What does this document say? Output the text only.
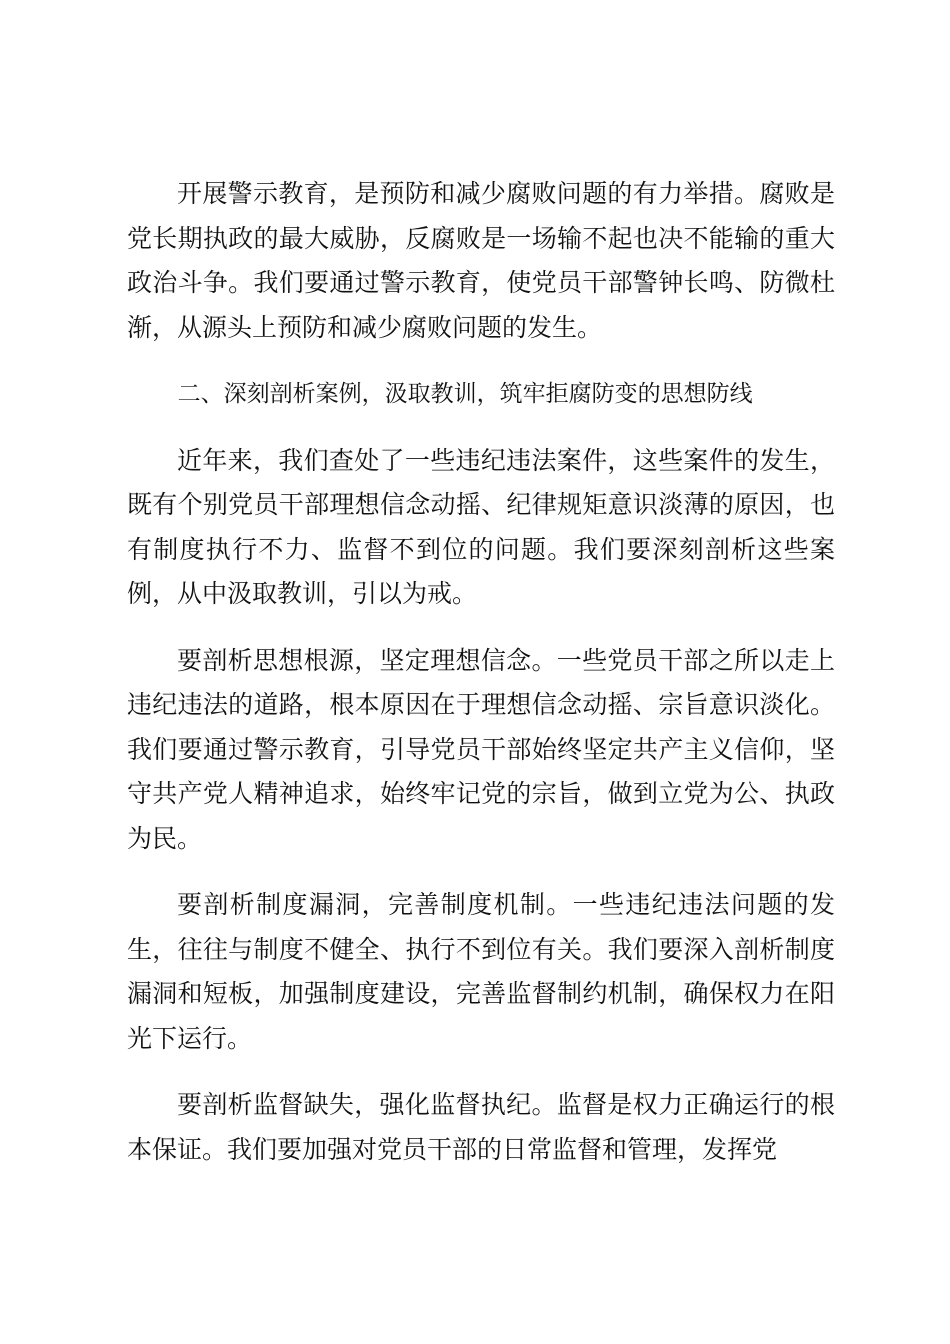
开展警示教育，是预防和减少腐败问题的有力举措。腐败是党长期执政的最大威胁，反腐败是一场输不起也决不能输的重大政治斗争。我们要通过警示教育，使党员干部警钟长鸣、防微杜渐，从源头上预防和减少腐败问题的发生。

二、深刻剖析案例，汲取教训，筑牢拒腐防变的思想防线

近年来，我们查处了一些违纪违法案件，这些案件的发生，既有个别党员干部理想信念动摇、纪律规矩意识淡薄的原因，也有制度执行不力、监督不到位的问题。我们要深刻剖析这些案例，从中汲取教训，引以为戒。

要剖析思想根源，坚定理想信念。一些党员干部之所以走上违纪违法的道路，根本原因在于理想信念动摇、宗旨意识淡化。我们要通过警示教育，引导党员干部始终坚定共产主义信仰，坚守共产党人精神追求，始终牢记党的宗旨，做到立党为公、执政为民。

要剖析制度漏洞，完善制度机制。一些违纪违法问题的发生，往往与制度不健全、执行不到位有关。我们要深入剖析制度漏洞和短板，加强制度建设，完善监督制约机制，确保权力在阳光下运行。

要剖析监督缺失，强化监督执纪。监督是权力正确运行的根本保证。我们要加强对党员干部的日常监督和管理，发挥党
